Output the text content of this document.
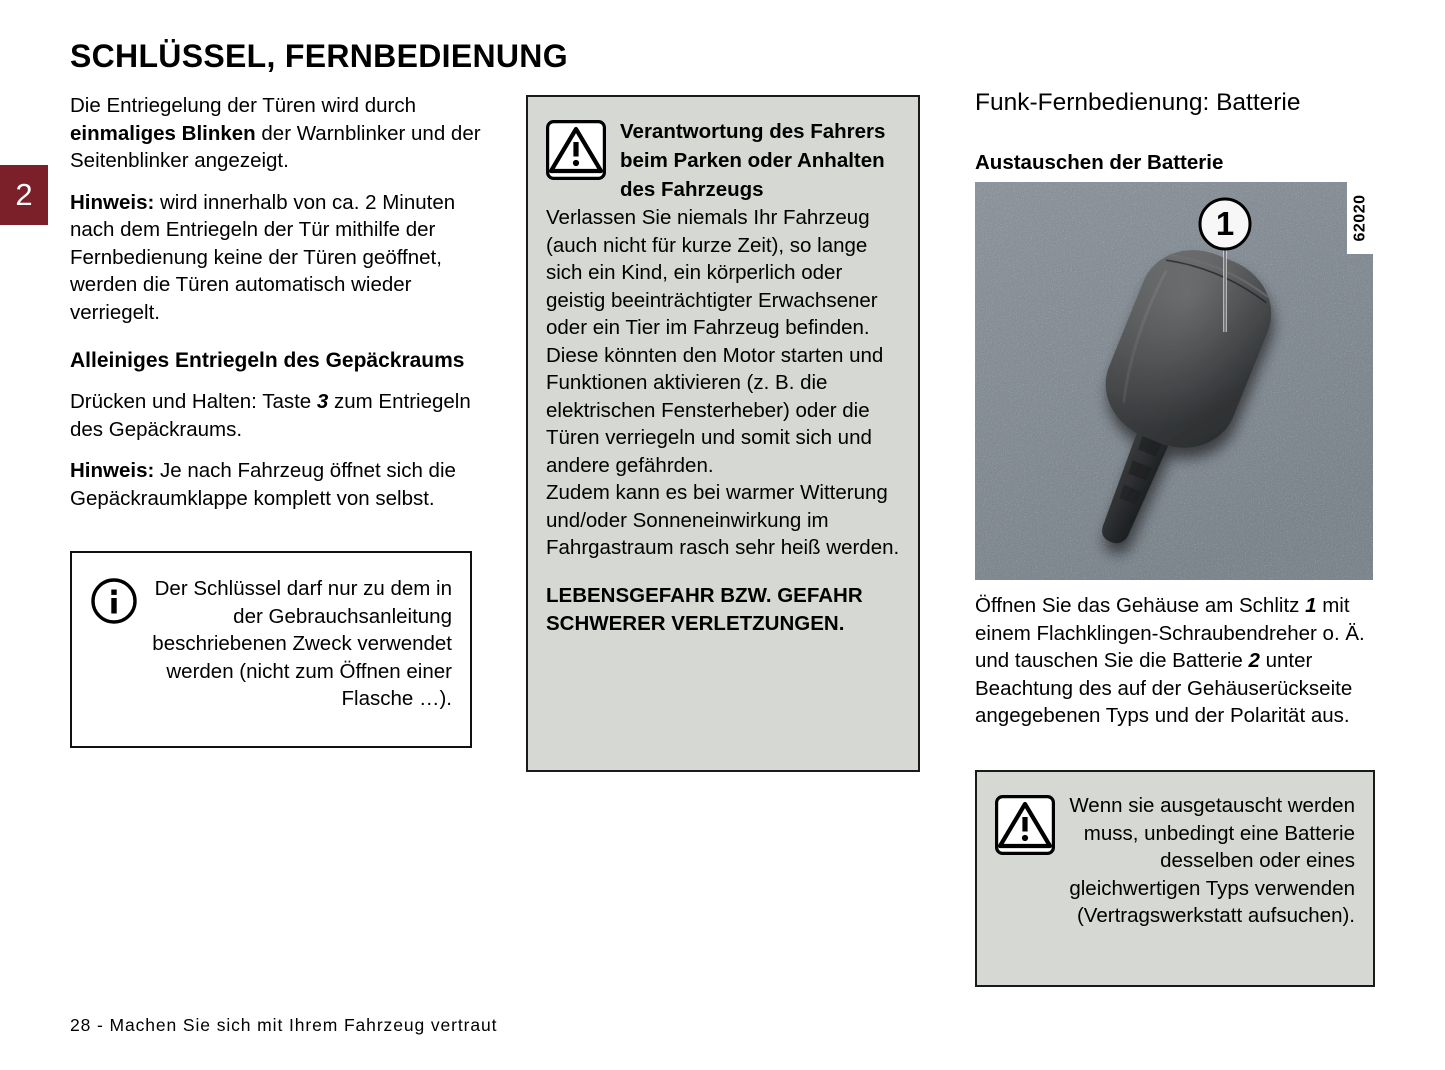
2
SCHLÜSSEL, FERNBEDIENUNG

Die Entriegelung der Türen wird durch einmaliges Blinken der Warnblinker und der Seitenblinker angezeigt.

Hinweis: wird innerhalb von ca. 2 Minuten nach dem Entriegeln der Tür mithilfe der Fernbedienung keine der Türen geöffnet, werden die Türen automatisch wieder verriegelt.

Alleiniges Entriegeln des Gepäckraums

Drücken und Halten: Taste 3 zum Entriegeln des Gepäckraums.

Hinweis: Je nach Fahrzeug öffnet sich die Gepäckraumklappe komplett von selbst.

Der Schlüssel darf nur zu dem in der Gebrauchsanleitung beschriebenen Zweck verwendet werden (nicht zum Öffnen einer Flasche …).
Verantwortung des Fahrers beim Parken oder Anhalten des Fahrzeugs

Verlassen Sie niemals Ihr Fahrzeug (auch nicht für kurze Zeit), so lange sich ein Kind, ein körperlich oder geistig beeinträchtigter Erwachsener oder ein Tier im Fahrzeug befinden.

Diese könnten den Motor starten und Funktionen aktivieren (z. B. die elektrischen Fensterheber) oder die Türen verriegeln und somit sich und andere gefährden.

Zudem kann es bei warmer Witterung und/oder Sonneneinwirkung im Fahrgastraum rasch sehr heiß werden.

LEBENSGEFAHR BZW. GEFAHR SCHWERER VERLETZUNGEN.

Funk-Fernbedienung: Batterie
Austauschen der Batterie
1	62020

Öffnen Sie das Gehäuse am Schlitz 1 mit einem Flachklingen-Schraubendreher o. Ä. und tauschen Sie die Batterie 2 unter Beachtung des auf der Gehäuserückseite angegebenen Typs und der Polarität aus.

Wenn sie ausgetauscht werden muss, unbedingt eine Batterie desselben oder eines gleichwertigen Typs verwenden (Vertragswerkstatt aufsuchen).
28 - Machen Sie sich mit Ihrem Fahrzeug vertraut
